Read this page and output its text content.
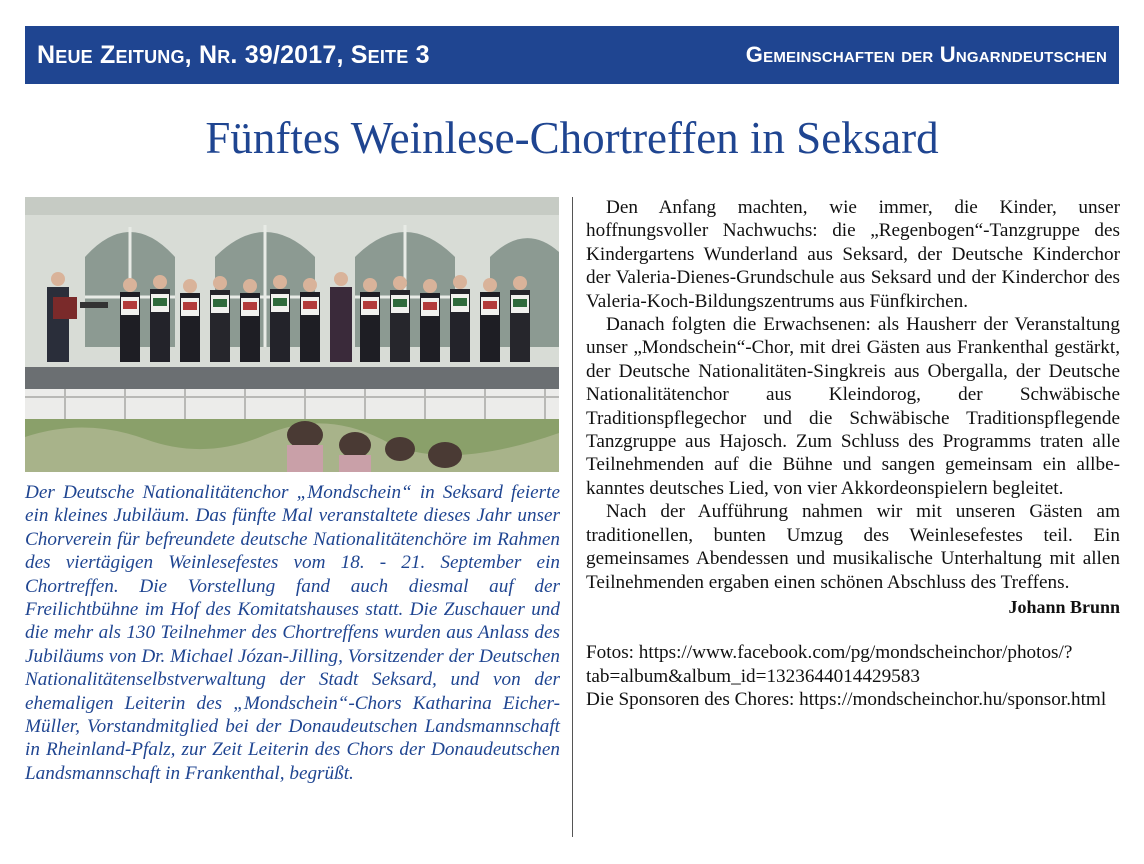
Neue Zeitung, Nr. 39/2017, Seite 3	Gemeinschaften der Ungarndeutschen
Fünftes Weinlese-Chortreffen in Seksard
Der Deutsche Nationalitätenchor „Mondschein“ in Seksard feierte ein kleines Jubiläum. Das fünfte Mal veranstaltete dieses Jahr unser Chorverein für befreundete deutsche Nationalitätenchöre im Rahmen des viertägigen Weinlesefestes vom 18. - 21. September ein Chortreffen. Die Vorstellung fand auch diesmal auf der Freilichtbühne im Hof des Komitatshauses statt. Die Zuschauer und die mehr als 130 Teilnehmer des Chortreffens wurden aus Anlass des Jubiläums von Dr. Michael Józan-Jilling, Vorsitzender der Deutschen Nationalitätenselbstverwaltung der Stadt Seksard, und von der ehemaligen Leiterin des „Mondschein“-Chors Katharina Eicher-Müller, Vorstandmitglied bei der Donaudeutschen Landsmannschaft in Rheinland-Pfalz, zur Zeit Leiterin des Chors der Donaudeutschen Landsmannschaft in Frankenthal, begrüßt.

Den Anfang machten, wie immer, die Kinder, unser hoffnungsvoller Nachwuchs: die „Regenbogen“-Tanzgruppe des Kindergartens Wunderland aus Seksard, der Deutsche Kinderchor der Valeria-Dienes-Grundschule aus Seksard und der Kinderchor des Valeria-Koch-Bildungszentrums aus Fünfkirchen.

Danach folgten die Erwachsenen: als Hausherr der Veranstaltung unser „Mondschein“-Chor, mit drei Gästen aus Frankenthal gestärkt, der Deutsche Nationalitäten-Singkreis aus Obergalla, der Deutsche Nationalitätenchor aus Kleindorog, der Schwäbische Traditionspflegechor und die Schwäbische Traditionspflegende Tanzgruppe aus Hajosch. Zum Schluss des Programms traten alle Teilnehmenden auf die Bühne und sangen gemeinsam ein allbekanntes deutsches Lied, von vier Akkordeonspielern begleitet.

Nach der Aufführung nahmen wir mit unseren Gästen am traditionellen, bunten Umzug des Weinlesefestes teil. Ein gemeinsames Abendessen und musikalische Unterhaltung mit allen Teilnehmenden ergaben einen schönen Abschluss des Treffens.

Johann Brunn

Fotos: https://www.facebook.com/pg/mondscheinchor/photos/?tab=album&album_id=1323644014429583

Die Sponsoren des Chores: https://mondscheinchor.hu/sponsor.html
